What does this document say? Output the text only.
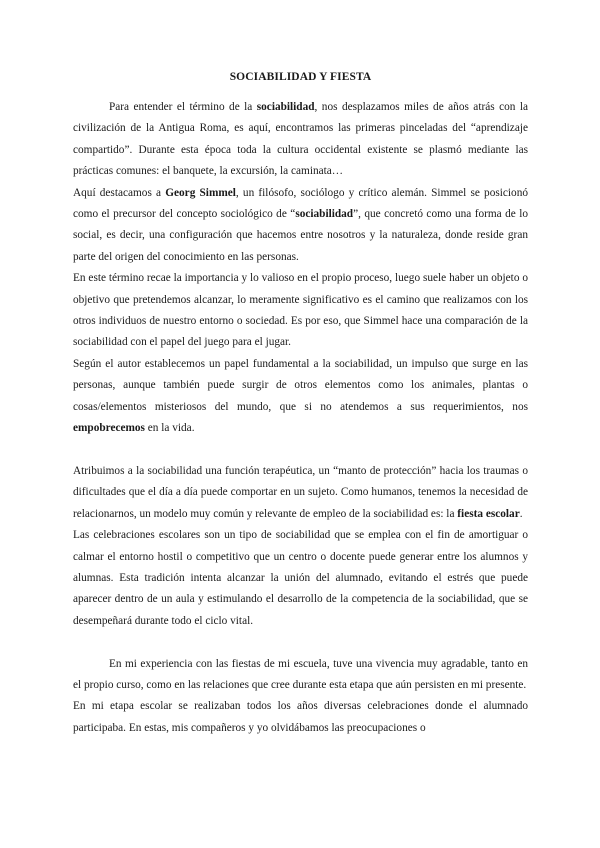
SOCIABILIDAD Y FIESTA

Para entender el término de la sociabilidad, nos desplazamos miles de años atrás con la civilización de la Antigua Roma, es aquí, encontramos las primeras pinceladas del “aprendizaje compartido”. Durante esta época toda la cultura occidental existente se plasmó mediante las prácticas comunes: el banquete, la excursión, la caminata…

Aquí destacamos a Georg Simmel, un filósofo, sociólogo y crítico alemán. Simmel se posicionó como el precursor del concepto sociológico de “sociabilidad”, que concretó como una forma de lo social, es decir, una configuración que hacemos entre nosotros y la naturaleza, donde reside gran parte del origen del conocimiento en las personas.

En este término recae la importancia y lo valioso en el propio proceso, luego suele haber un objeto o objetivo que pretendemos alcanzar, lo meramente significativo es el camino que realizamos con los otros individuos de nuestro entorno o sociedad. Es por eso, que Simmel hace una comparación de la sociabilidad con el papel del juego para el jugar.

Según el autor establecemos un papel fundamental a la sociabilidad, un impulso que surge en las personas, aunque también puede surgir de otros elementos como los animales, plantas o cosas/elementos misteriosos del mundo, que si no atendemos a sus requerimientos, nos empobrecemos en la vida.

Atribuimos a la sociabilidad una función terapéutica, un “manto de protección” hacia los traumas o dificultades que el día a día puede comportar en un sujeto. Como humanos, tenemos la necesidad de relacionarnos, un modelo muy común y relevante de empleo de la sociabilidad es: la fiesta escolar.

Las celebraciones escolares son un tipo de sociabilidad que se emplea con el fin de amortiguar o calmar el entorno hostil o competitivo que un centro o docente puede generar entre los alumnos y alumnas. Esta tradición intenta alcanzar la unión del alumnado, evitando el estrés que puede aparecer dentro de un aula y estimulando el desarrollo de la competencia de la sociabilidad, que se desempeñará durante todo el ciclo vital.

En mi experiencia con las fiestas de mi escuela, tuve una vivencia muy agradable, tanto en el propio curso, como en las relaciones que cree durante esta etapa que aún persisten en mi presente.

En mi etapa escolar se realizaban todos los años diversas celebraciones donde el alumnado participaba. En estas, mis compañeros y yo olvidábamos las preocupaciones o
